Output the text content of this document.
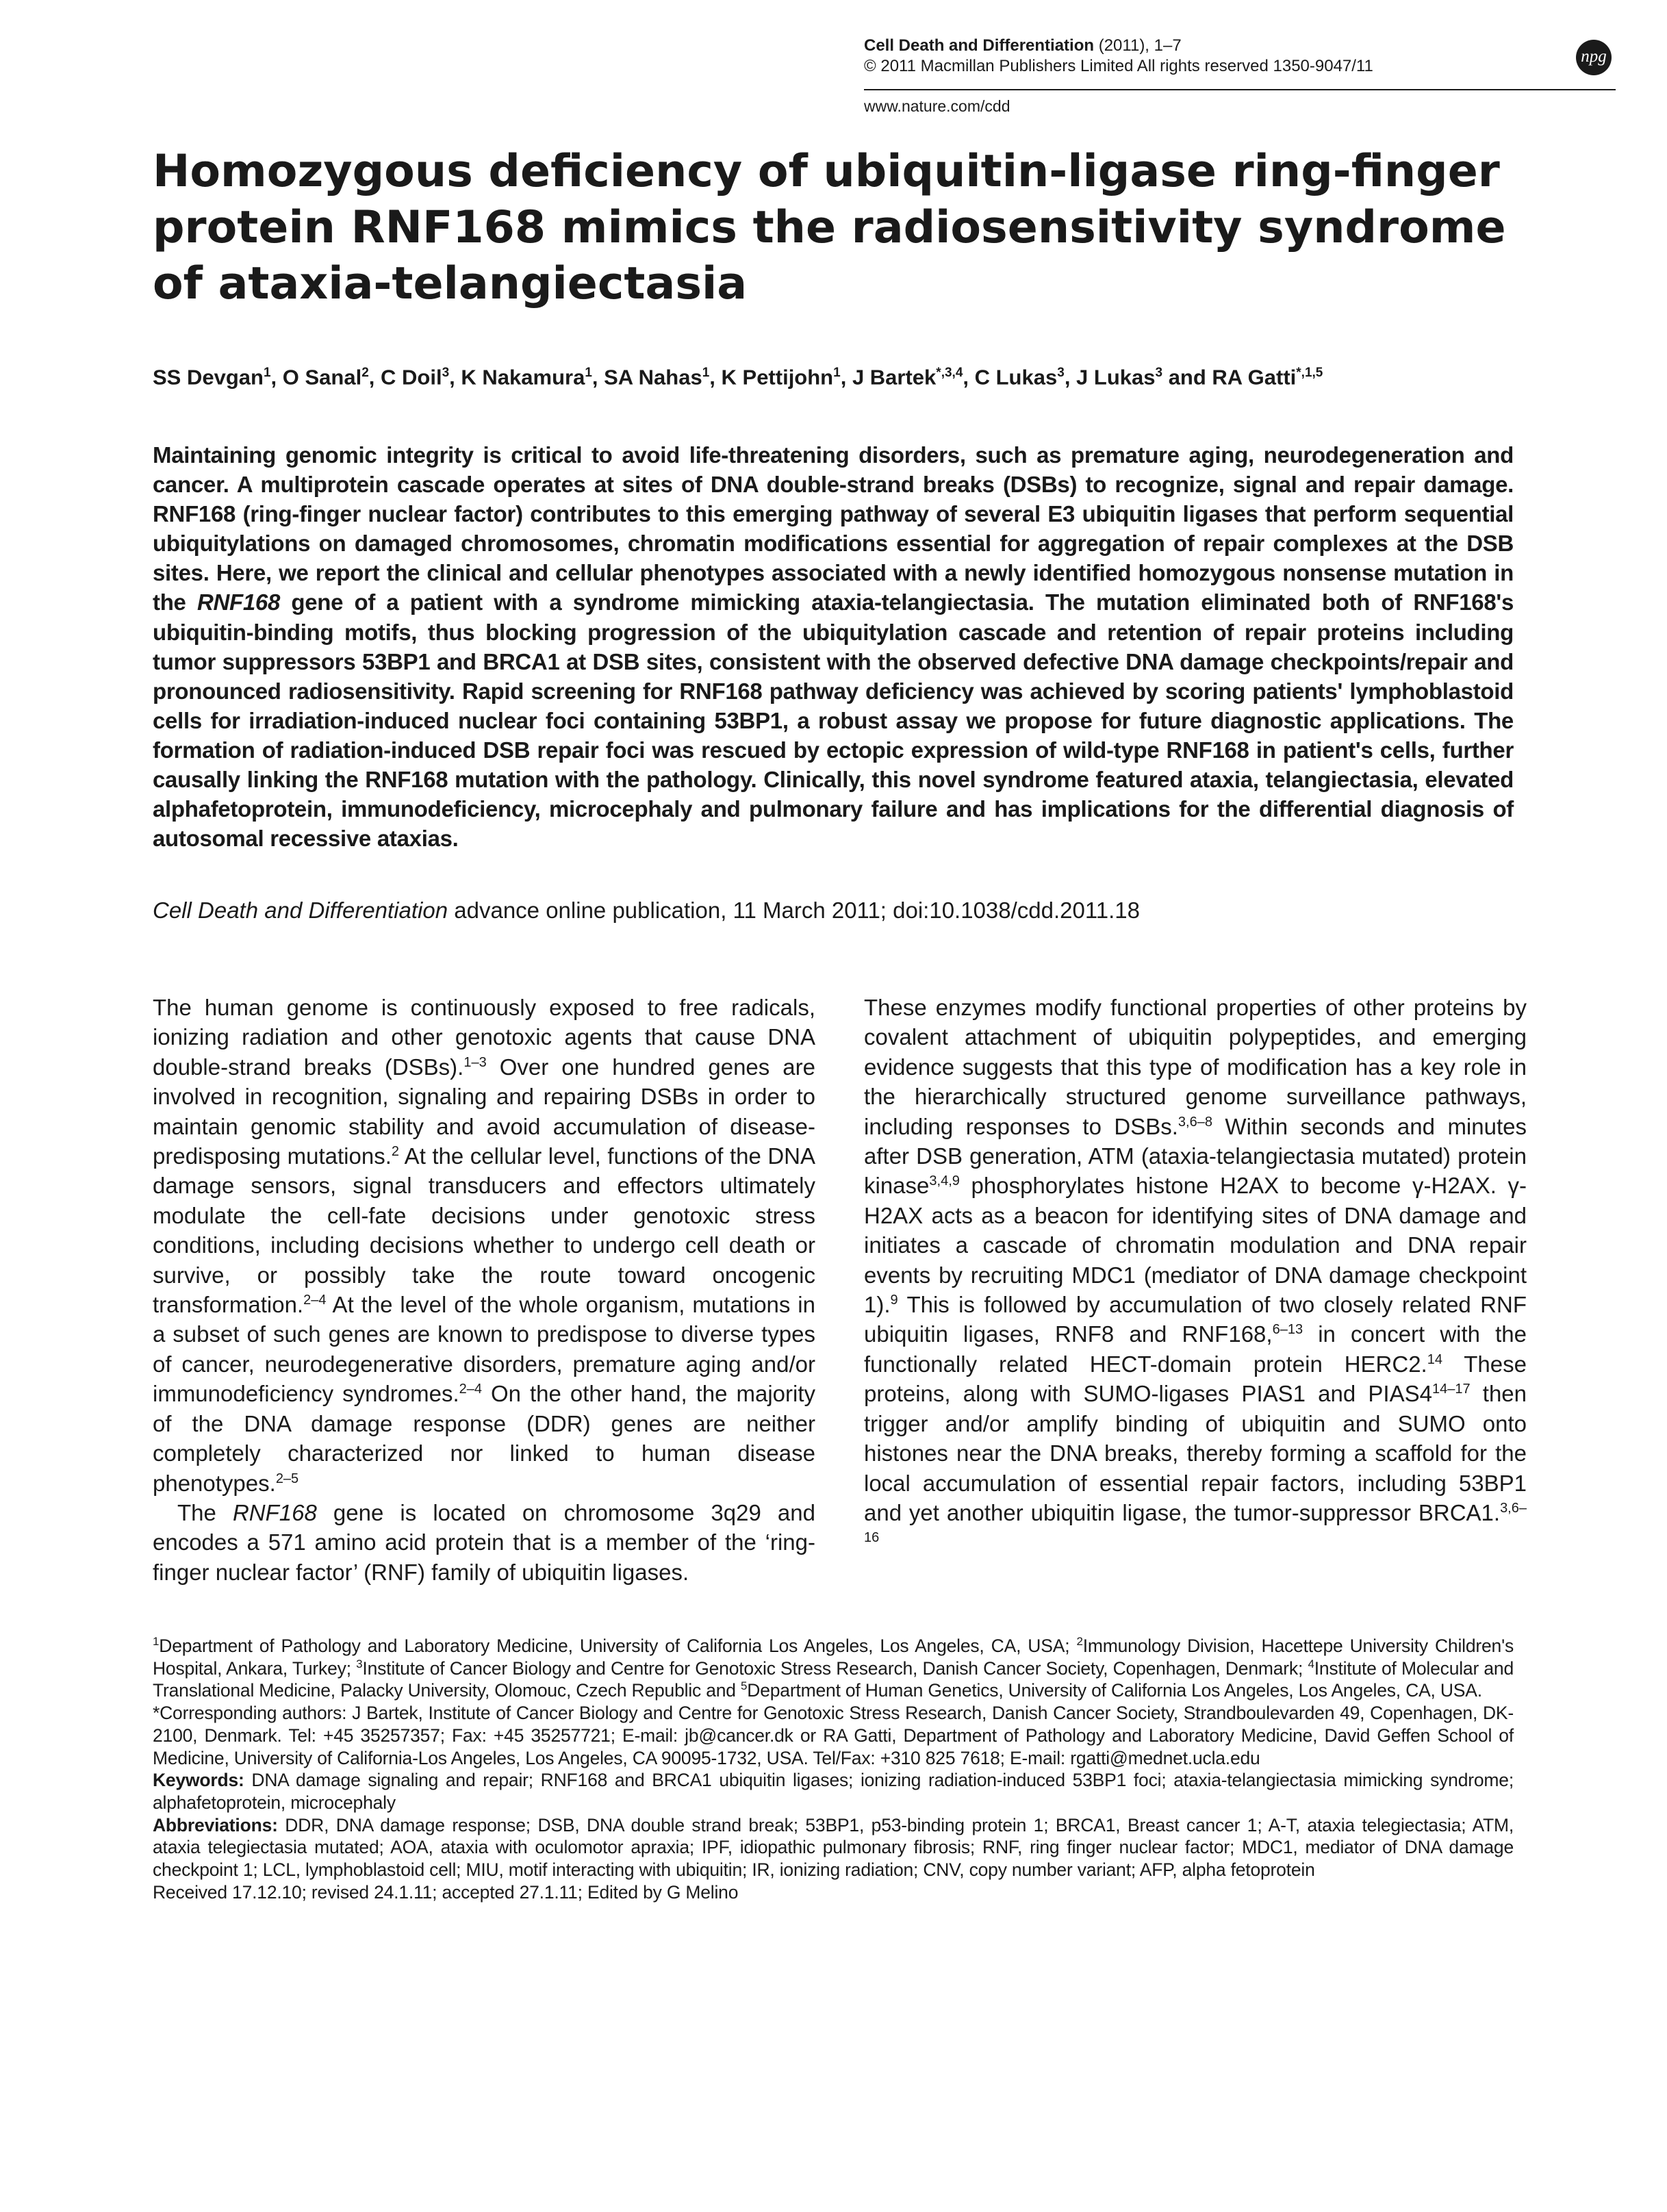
Cell Death and Differentiation (2011), 1–7
© 2011 Macmillan Publishers Limited All rights reserved 1350-9047/11
npg
www.nature.com/cdd
Homozygous deficiency of ubiquitin-ligase ring-finger protein RNF168 mimics the radiosensitivity syndrome of ataxia-telangiectasia
SS Devgan$^1$, O Sanal$^2$, C Doil$^3$, K Nakamura$^1$, SA Nahas$^1$, K Pettijohn$^1$, J Bartek$^{*,3,4}$, C Lukas$^3$, J Lukas$^3$ and RA Gatti$^{*,1,5}$

Maintaining genomic integrity is critical to avoid life-threatening disorders, such as premature aging, neurodegeneration and cancer. A multiprotein cascade operates at sites of DNA double-strand breaks (DSBs) to recognize, signal and repair damage. RNF168 (ring-finger nuclear factor) contributes to this emerging pathway of several E3 ubiquitin ligases that perform sequential ubiquitylations on damaged chromosomes, chromatin modifications essential for aggregation of repair complexes at the DSB sites. Here, we report the clinical and cellular phenotypes associated with a newly identified homozygous nonsense mutation in the RNF168 gene of a patient with a syndrome mimicking ataxia-telangiectasia. The mutation eliminated both of RNF168's ubiquitin-binding motifs, thus blocking progression of the ubiquitylation cascade and retention of repair proteins including tumor suppressors 53BP1 and BRCA1 at DSB sites, consistent with the observed defective DNA damage checkpoints/repair and pronounced radiosensitivity. Rapid screening for RNF168 pathway deficiency was achieved by scoring patients' lymphoblastoid cells for irradiation-induced nuclear foci containing 53BP1, a robust assay we propose for future diagnostic applications. The formation of radiation-induced DSB repair foci was rescued by ectopic expression of wild-type RNF168 in patient's cells, further causally linking the RNF168 mutation with the pathology. Clinically, this novel syndrome featured ataxia, telangiectasia, elevated alphafetoprotein, immunodeficiency, microcephaly and pulmonary failure and has implications for the differential diagnosis of autosomal recessive ataxias.

Cell Death and Differentiation advance online publication, 11 March 2011; doi:10.1038/cdd.2011.18

The human genome is continuously exposed to free radicals, ionizing radiation and other genotoxic agents that cause DNA double-strand breaks (DSBs).$^{1-3}$ Over one hundred genes are involved in recognition, signaling and repairing DSBs in order to maintain genomic stability and avoid accumulation of disease-predisposing mutations.$^2$ At the cellular level, functions of the DNA damage sensors, signal transducers and effectors ultimately modulate the cell-fate decisions under genotoxic stress conditions, including decisions whether to undergo cell death or survive, or possibly take the route toward oncogenic transformation.$^{2-4}$ At the level of the whole organism, mutations in a subset of such genes are known to predispose to diverse types of cancer, neurodegenerative disorders, premature aging and/or immunodeficiency syndromes.$^{2-4}$ On the other hand, the majority of the DNA damage response (DDR) genes are neither completely characterized nor linked to human disease phenotypes.$^{2-5}$

The RNF168 gene is located on chromosome 3q29 and encodes a 571 amino acid protein that is a member of the ‘ring-finger nuclear factor’ (RNF) family of ubiquitin ligases.

These enzymes modify functional properties of other proteins by covalent attachment of ubiquitin polypeptides, and emerging evidence suggests that this type of modification has a key role in the hierarchically structured genome surveillance pathways, including responses to DSBs.$^{3,6-8}$ Within seconds and minutes after DSB generation, ATM (ataxia-telangiectasia mutated) protein kinase$^{3,4,9}$ phosphorylates histone H2AX to become γ-H2AX. γ-H2AX acts as a beacon for identifying sites of DNA damage and initiates a cascade of chromatin modulation and DNA repair events by recruiting MDC1 (mediator of DNA damage checkpoint 1).$^9$ This is followed by accumulation of two closely related RNF ubiquitin ligases, RNF8 and RNF168,$^{6-13}$ in concert with the functionally related HECT-domain protein HERC2.14 These proteins, along with SUMO-ligases PIAS1 and PIAS4$^{14-17}$ then trigger and/or amplify binding of ubiquitin and SUMO onto histones near the DNA breaks, thereby forming a scaffold for the local accumulation of essential repair factors, including 53BP1 and yet another ubiquitin ligase, the tumor-suppressor BRCA1.$^{3,6-16}$

$^1$Department of Pathology and Laboratory Medicine, University of California Los Angeles, Los Angeles, CA, USA; $^2$Immunology Division, Hacettepe University Children's Hospital, Ankara, Turkey; $^3$Institute of Cancer Biology and Centre for Genotoxic Stress Research, Danish Cancer Society, Copenhagen, Denmark; $^4$Institute of Molecular and Translational Medicine, Palacky University, Olomouc, Czech Republic and $^5$Department of Human Genetics, University of California Los Angeles, Los Angeles, CA, USA.

*Corresponding authors: J Bartek, Institute of Cancer Biology and Centre for Genotoxic Stress Research, Danish Cancer Society, Strandboulevarden 49, Copenhagen, DK-2100, Denmark. Tel: +45 35257357; Fax: +45 35257721; E-mail: jb@cancer.dk or RA Gatti, Department of Pathology and Laboratory Medicine, David Geffen School of Medicine, University of California-Los Angeles, Los Angeles, CA 90095-1732, USA. Tel/Fax: +310 825 7618; E-mail: rgatti@mednet.ucla.edu

Keywords: DNA damage signaling and repair; RNF168 and BRCA1 ubiquitin ligases; ionizing radiation-induced 53BP1 foci; ataxia-telangiectasia mimicking syndrome; alphafetoprotein, microcephaly

Abbreviations: DDR, DNA damage response; DSB, DNA double strand break; 53BP1, p53-binding protein 1; BRCA1, Breast cancer 1; A-T, ataxia telegiectasia; ATM, ataxia telegiectasia mutated; AOA, ataxia with oculomotor apraxia; IPF, idiopathic pulmonary fibrosis; RNF, ring finger nuclear factor; MDC1, mediator of DNA damage checkpoint 1; LCL, lymphoblastoid cell; MIU, motif interacting with ubiquitin; IR, ionizing radiation; CNV, copy number variant; AFP, alpha fetoprotein

Received 17.12.10; revised 24.1.11; accepted 27.1.11; Edited by G Melino
